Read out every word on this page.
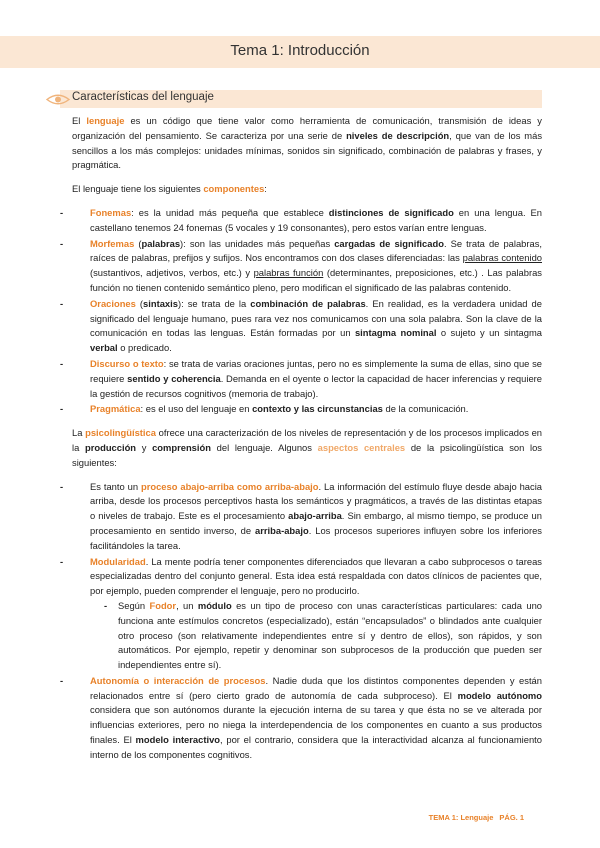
Tema 1: Introducción
Características del lenguaje

El lenguaje es un código que tiene valor como herramienta de comunicación, transmisión de ideas y organización del pensamiento. Se caracteriza por una serie de niveles de descripción, que van de los más sencillos a los más complejos: unidades mínimas, sonidos sin significado, combinación de palabras y frases, y pragmática.

El lenguaje tiene los siguientes componentes:

- Fonemas: es la unidad más pequeña que establece distinciones de significado en una lengua. En castellano tenemos 24 fonemas (5 vocales y 19 consonantes), pero estos varían entre lenguas.
- Morfemas (palabras): son las unidades más pequeñas cargadas de significado. Se trata de palabras, raíces de palabras, prefijos y sufijos. Nos encontramos con dos clases diferenciadas: las palabras contenido (sustantivos, adjetivos, verbos, etc.) y palabras función (determinantes, preposiciones, etc.) . Las palabras función no tienen contenido semántico pleno, pero modifican el significado de las palabras contenido.
- Oraciones (sintaxis): se trata de la combinación de palabras. En realidad, es la verdadera unidad de significado del lenguaje humano, pues rara vez nos comunicamos con una sola palabra. Son la clave de la comunicación en todas las lenguas. Están formadas por un sintagma nominal o sujeto y un sintagma verbal o predicado.
- Discurso o texto: se trata de varias oraciones juntas, pero no es simplemente la suma de ellas, sino que se requiere sentido y coherencia. Demanda en el oyente o lector la capacidad de hacer inferencias y requiere la gestión de recursos cognitivos (memoria de trabajo).
- Pragmática: es el uso del lenguaje en contexto y las circunstancias de la comunicación.

La psicolingüística ofrece una caracterización de los niveles de representación y de los procesos implicados en la producción y comprensión del lenguaje. Algunos aspectos centrales de la psicolingüística son los siguientes:

- Es tanto un proceso abajo-arriba como arriba-abajo. La información del estímulo fluye desde abajo hacia arriba, desde los procesos perceptivos hasta los semánticos y pragmáticos, a través de las distintas etapas o niveles de trabajo. Este es el procesamiento abajo-arriba. Sin embargo, al mismo tiempo, se produce un procesamiento en sentido inverso, de arriba-abajo. Los procesos superiores influyen sobre los inferiores facilitándoles la tarea.
- Modularidad. La mente podría tener componentes diferenciados que llevaran a cabo subprocesos o tareas especializadas dentro del conjunto general. Esta idea está respaldada con datos clínicos de pacientes que, por ejemplo, pueden comprender el lenguaje, pero no producirlo.
- Según Fodor, un módulo es un tipo de proceso con unas características particulares: cada uno funciona ante estímulos concretos (especializado), están “encapsulados” o blindados ante cualquier otro proceso (son relativamente independientes entre sí y dentro de ellos), son rápidos, y son automáticos. Por ejemplo, repetir y denominar son subprocesos de la producción que pueden ser independientes entre sí).
- Autonomía o interacción de procesos. Nadie duda que los distintos componentes dependen y están relacionados entre sí (pero cierto grado de autonomía de cada subproceso). El modelo autónomo considera que son autónomos durante la ejecución interna de su tarea y que ésta no se ve alterada por influencias exteriores, pero no niega la interdependencia de los componentes en cuanto a sus productos finales. El modelo interactivo, por el contrario, considera que la interactividad alcanza al funcionamiento interno de los componentes cognitivos.
TEMA 1: Lenguaje PÁG. 1
